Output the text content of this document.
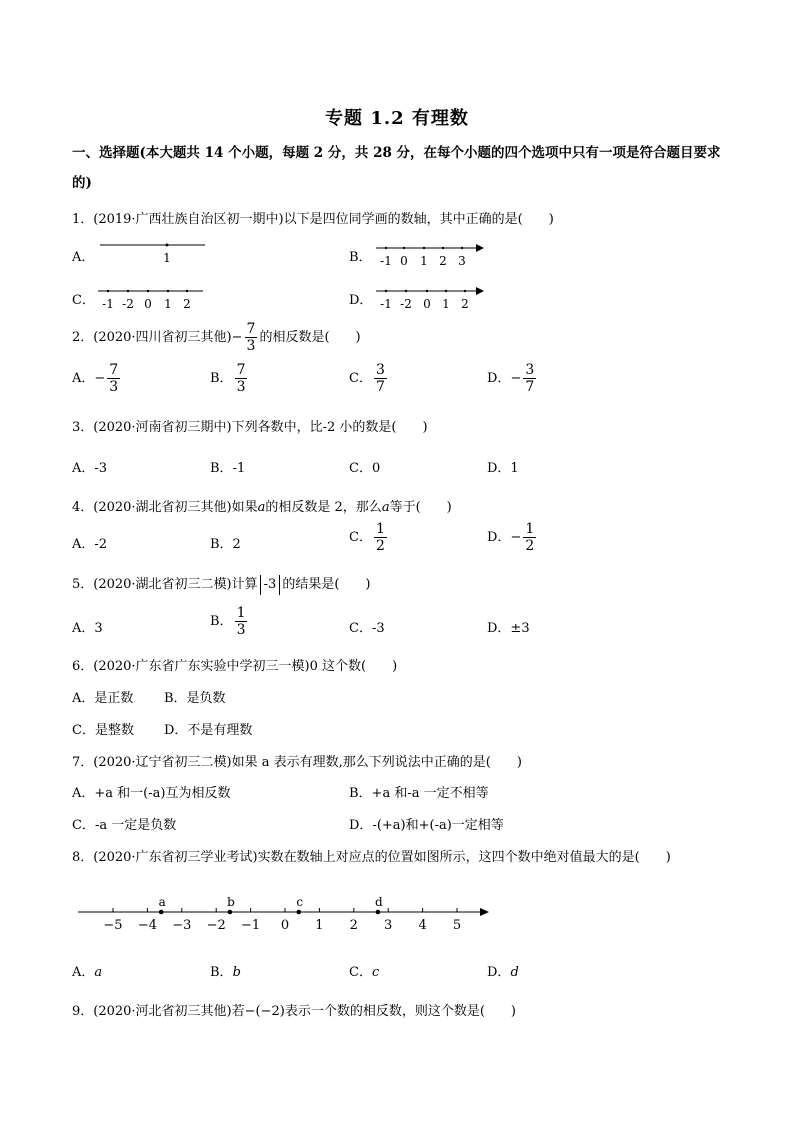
专题 1.2 有理数
一、选择题(本大题共 14 个小题，每题 2 分，共 28 分，在每个小题的四个选项中只有一项是符合题目要求的)
1．(2019·广西壮族自治区初一期中)以下是四位同学画的数轴，其中正确的是(　　)
A．	1	B． -1 0 1 2 3
C． -1 -2 0 1 2	D． -1 -2 0 1 2
2．(2020·四川省初三其他)− $\frac{7}{3}$ 的相反数是(　　)
A．− $\frac{7}{3}$	B． $\frac{7}{3}$	C． $\frac{3}{7}$	D．− $\frac{3}{7}$
3．(2020·河南省初三期中)下列各数中，比-2 小的数是(　　)
A．-3	B．-1	C．0	D．1
4．(2020·湖北省初三其他)如果a的相反数是 2，那么a等于(　　)
A．-2	B．2	C． $\frac{1}{2}$	D．− $\frac{1}{2}$
5．(2020·湖北省初三二模)计算 -3 的结果是(　　)
A．3	B． $\frac{1}{3}$	C．-3	D．±3
6．(2020·广东省广东实验中学初三一模)0 这个数(　　)
A．是正数 B．是负数
C．是整数 D．不是有理数
7．(2020·辽宁省初三二模)如果 a 表示有理数,那么下列说法中正确的是(　　)
A．+a 和一(-a)互为相反数	B．+a 和-a 一定不相等
C．-a 一定是负数	D．-(+a)和+(-a)一定相等
8．(2020·广东省初三学业考试)实数在数轴上对应点的位置如图所示，这四个数中绝对值最大的是(　　)
−5 −4 −3 −2 −1 0 1 2 3 4 5
a	b	c	d
A．a	B．b	C．c	D．d
9．(2020·河北省初三其他)若−(−2)表示一个数的相反数，则这个数是(　　)
